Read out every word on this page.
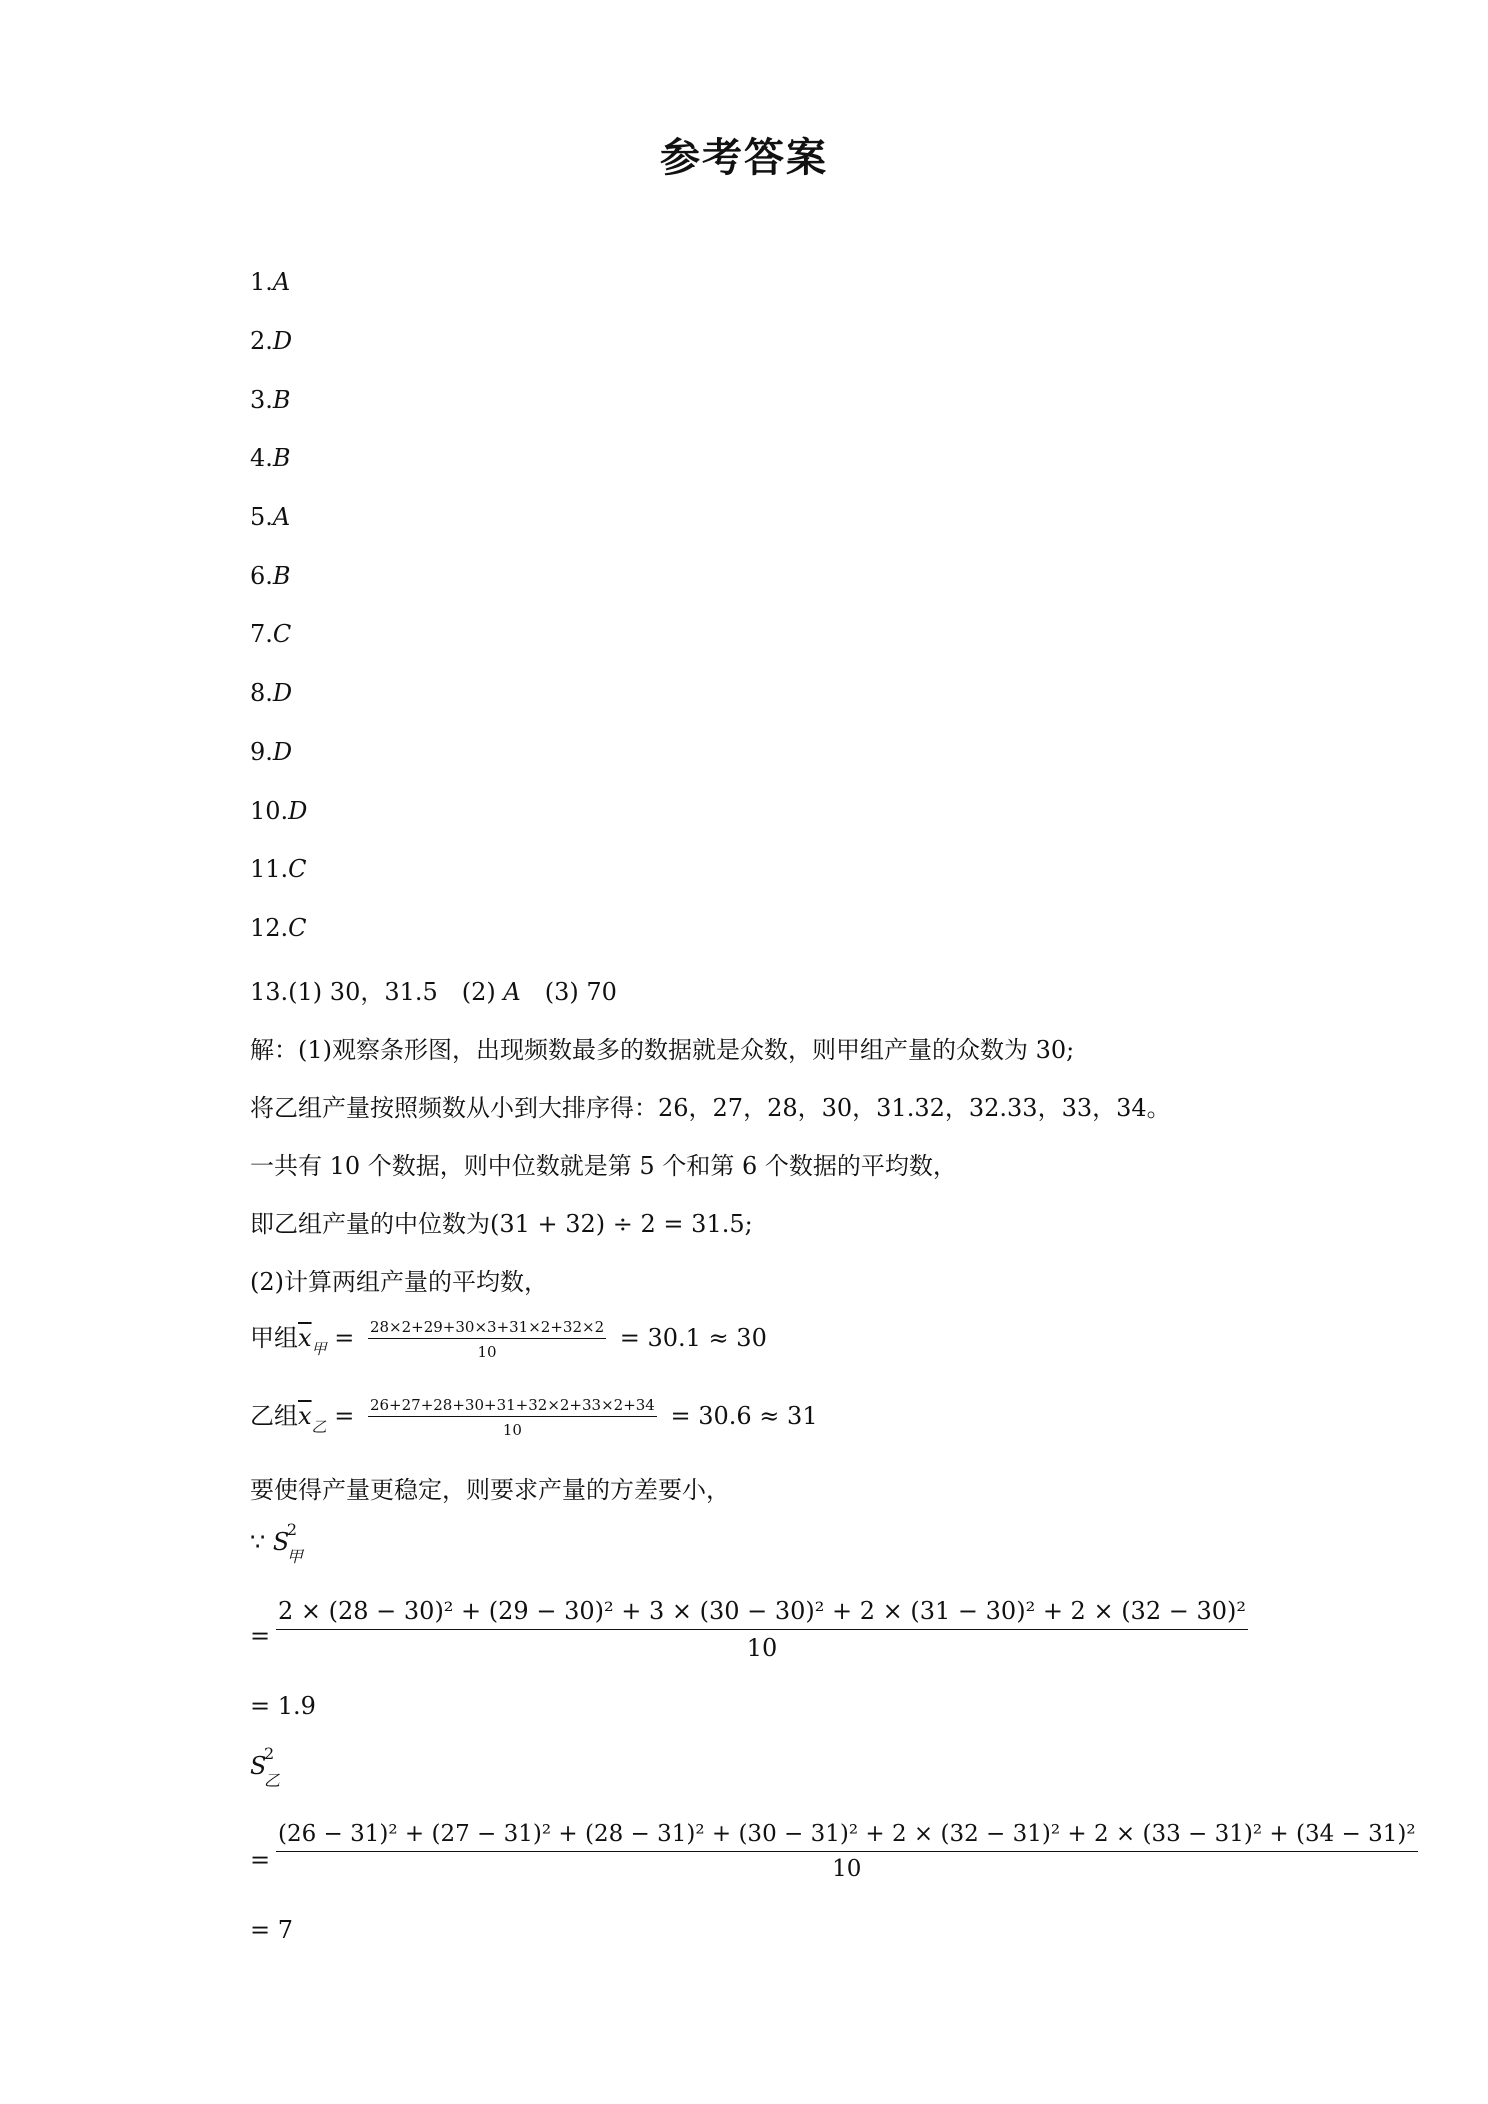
参考答案
1.A
2.D
3.B
4.B
5.A
6.B
7.C
8.D
9.D
10.D
11.C
12.C
13.(1) 30，31.5　(2) A　(3) 70
解：(1)观察条形图，出现频数最多的数据就是众数，则甲组产量的众数为 30;
将乙组产量按照频数从小到大排序得：26，27，28，30，31.32，32.33，33，34。
一共有 10 个数据，则中位数就是第 5 个和第 6 个数据的平均数，
即乙组产量的中位数为(31 + 32) ÷ 2 = 31.5;
(2)计算两组产量的平均数，
甲组$\overline{x}_甲 = \frac{28\times 2+29+30\times 3+31\times 2+32\times 2}{10} = 30.1 \approx 30$
乙组$\overline{x}_乙 = \frac{26+27+28+30+31+32\times 2+33\times 2+34}{10} = 30.6 \approx 31$
要使得产量更稳定，则要求产量的方差要小，
∵ S
2
甲
=
2 × (28 − 30)² + (29 − 30)² + 3 × (30 − 30)² + 2 × (31 − 30)² + 2 × (32 − 30)²
10
= 1.9
S
2
乙
=
(26 − 31)² + (27 − 31)² + (28 − 31)² + (30 − 31)² + 2 × (32 − 31)² + 2 × (33 − 31)² + (34 − 31)²
10
= 7
